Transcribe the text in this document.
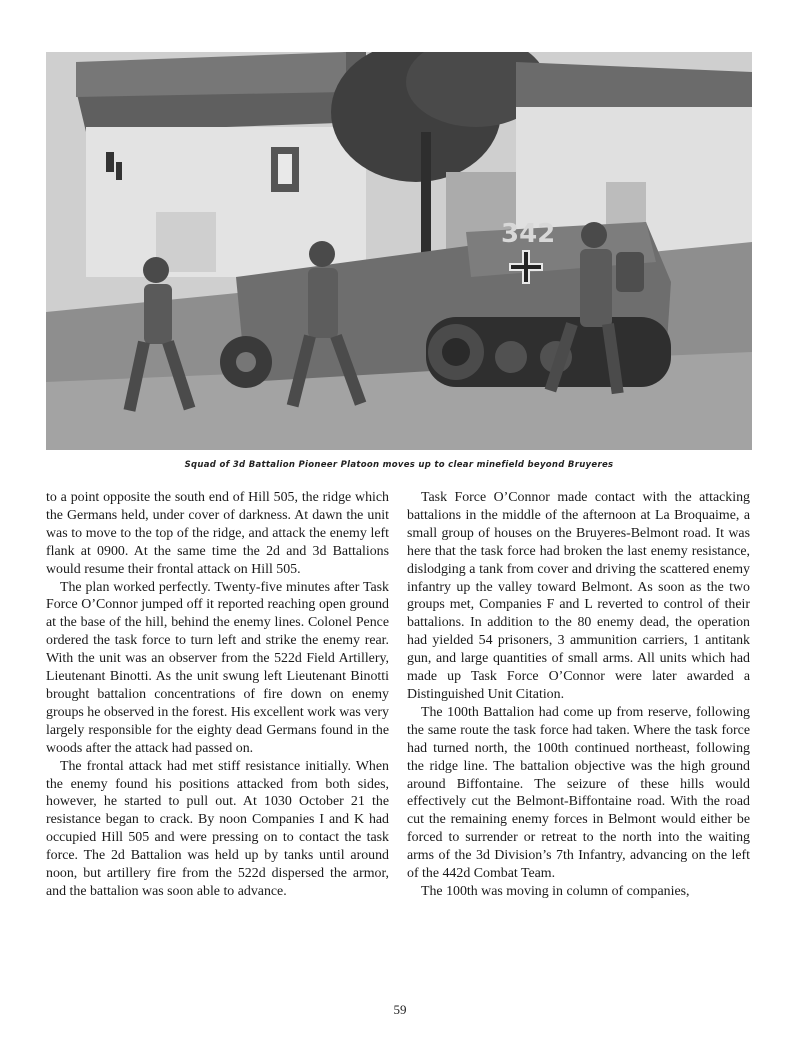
342
Squad of 3d Battalion Pioneer Platoon moves up to clear minefield beyond Bruyeres

to a point opposite the south end of Hill 505, the ridge which the Germans held, under cover of darkness. At dawn the unit was to move to the top of the ridge, and attack the enemy left flank at 0900. At the same time the 2d and 3d Battalions would resume their frontal attack on Hill 505.

The plan worked perfectly. Twenty-five minutes after Task Force O’Connor jumped off it reported reaching open ground at the base of the hill, behind the enemy lines. Colonel Pence ordered the task force to turn left and strike the enemy rear. With the unit was an observer from the 522d Field Artillery, Lieutenant Binotti. As the unit swung left Lieutenant Binotti brought battalion concentrations of fire down on enemy groups he observed in the forest. His excellent work was very largely responsible for the eighty dead Germans found in the woods after the attack had passed on.

The frontal attack had met stiff resistance initially. When the enemy found his positions attacked from both sides, however, he started to pull out. At 1030 October 21 the resistance began to crack. By noon Companies I and K had occupied Hill 505 and were pressing on to contact the task force. The 2d Battalion was held up by tanks until around noon, but artillery fire from the 522d dispersed the armor, and the battalion was soon able to advance.

Task Force O’Connor made contact with the attacking battalions in the middle of the afternoon at La Broquaime, a small group of houses on the Bruyeres-Belmont road. It was here that the task force had broken the last enemy resistance, dislodging a tank from cover and driving the scattered enemy infantry up the valley toward Belmont. As soon as the two groups met, Companies F and L reverted to control of their battalions. In addition to the 80 enemy dead, the operation had yielded 54 prisoners, 3 ammunition carriers, 1 antitank gun, and large quantities of small arms. All units which had made up Task Force O’Connor were later awarded a Distinguished Unit Citation.

The 100th Battalion had come up from reserve, following the same route the task force had taken. Where the task force had turned north, the 100th continued northeast, following the ridge line. The battalion objective was the high ground around Biffontaine. The seizure of these hills would effectively cut the Belmont-Biffontaine road. With the road cut the remaining enemy forces in Belmont would either be forced to surrender or retreat to the north into the waiting arms of the 3d Division’s 7th Infantry, advancing on the left of the 442d Combat Team.

The 100th was moving in column of companies,

59
